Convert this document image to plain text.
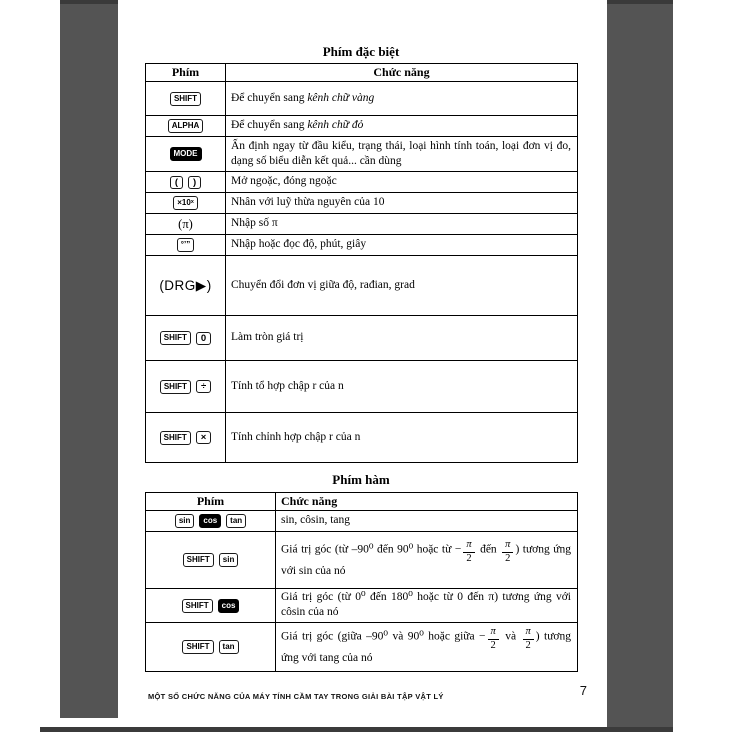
Phím đặc biệt
Phím	Chức năng
SHIFT	Để chuyển sang kênh chữ vàng
ALPHA	Để chuyển sang kênh chữ đỏ
MODE	Ấn định ngay từ đầu kiểu, trạng thái, loại hình tính toán, loại đơn vị đo, dạng số biểu diễn kết quả... cần dùng
( )	Mở ngoặc, đóng ngoặc
×10ˣ	Nhân với luỹ thừa nguyên của 10
(π)	Nhập số π
°’”	Nhập hoặc đọc độ, phút, giây
(DRG▶)	Chuyển đổi đơn vị giữa độ, rađian, grad
SHIFT 0	Làm tròn giá trị
SHIFT ÷	Tính tổ hợp chập r của n
SHIFT ×	Tính chỉnh hợp chập r của n
Phím hàm
Phím	Chức năng
sin cos tan	sin, côsin, tang
SHIFT sin	Giá trị góc (từ –90⁰ đến 90⁰ hoặc từ − $\frac{\pi}{2}$ đến $\frac{\pi}{2}$ ) tương ứng với sin của nó
SHIFT cos	Giá trị góc (từ 0⁰ đến 180⁰ hoặc từ 0 đến π) tương ứng với côsin của nó
SHIFT tan	Giá trị góc (giữa –90⁰ và 90⁰ hoặc giữa − $\frac{\pi}{2}$ và $\frac{\pi}{2}$ ) tương ứng với tang của nó
MỘT SỐ CHỨC NĂNG CỦA MÁY TÍNH CẦM TAY TRONG GIẢI BÀI TẬP VẬT LÝ	7
